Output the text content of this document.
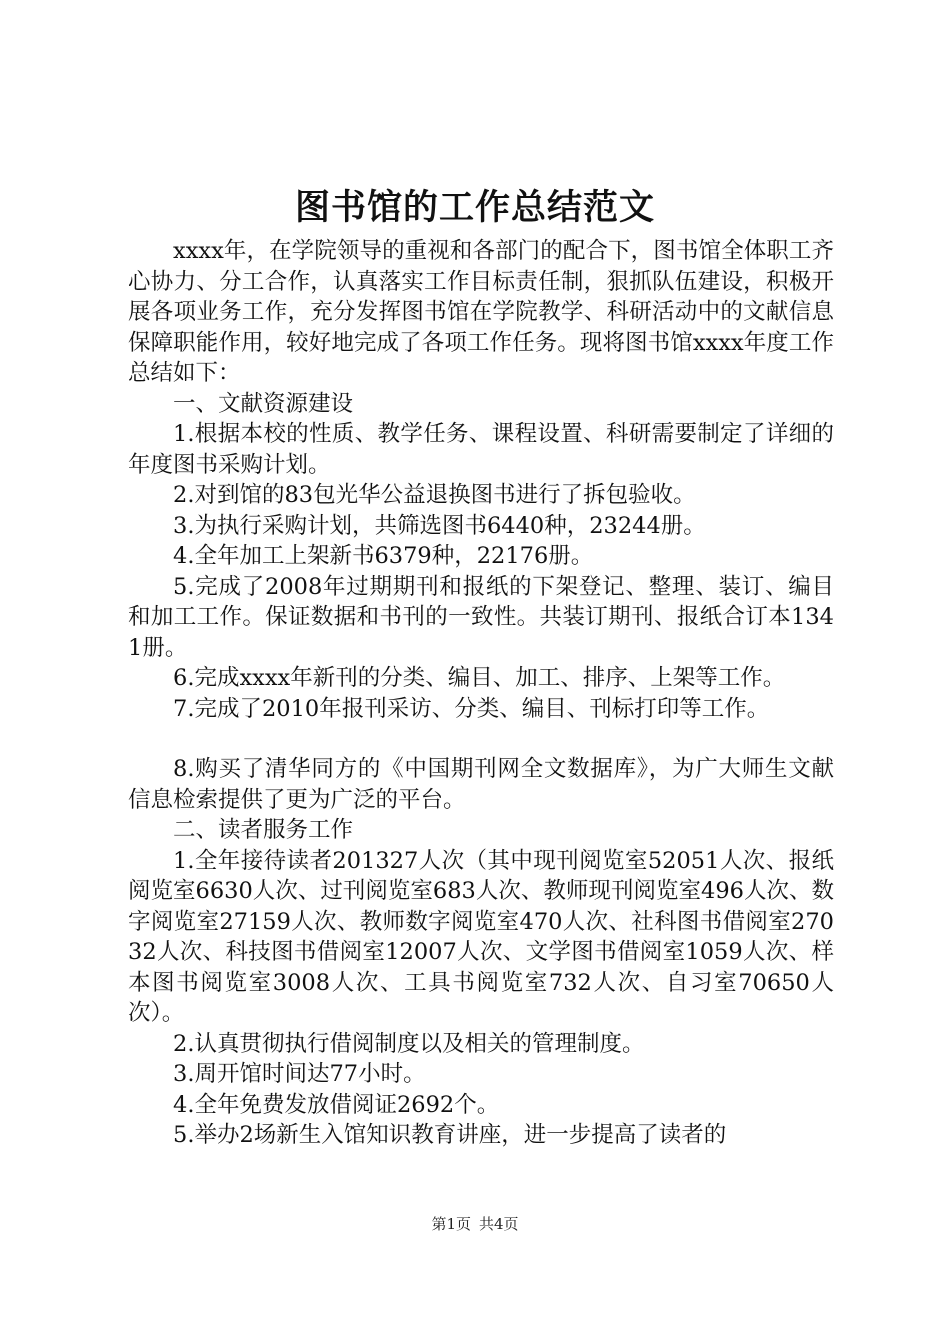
图书馆的工作总结范文

xxxx年，在学院领导的重视和各部门的配合下，图书馆全体职工齐心协力、分工合作，认真落实工作目标责任制，狠抓队伍建设，积极开展各项业务工作，充分发挥图书馆在学院教学、科研活动中的文献信息保障职能作用，较好地完成了各项工作任务。现将图书馆xxxx年度工作总结如下：

一、文献资源建设

1.根据本校的性质、教学任务、课程设置、科研需要制定了详细的年度图书采购计划。

2.对到馆的83包光华公益退换图书进行了拆包验收。

3.为执行采购计划，共筛选图书6440种，23244册。

4.全年加工上架新书6379种，22176册。

5.完成了2008年过期期刊和报纸的下架登记、整理、装订、编目和加工工作。保证数据和书刊的一致性。共装订期刊、报纸合订本1341册。

6.完成xxxx年新刊的分类、编目、加工、排序、上架等工作。

7.完成了2010年报刊采访、分类、编目、刊标打印等工作。

8.购买了清华同方的《中国期刊网全文数据库》，为广大师生文献信息检索提供了更为广泛的平台。

二、读者服务工作

1.全年接待读者201327人次（其中现刊阅览室52051人次、报纸阅览室6630人次、过刊阅览室683人次、教师现刊阅览室496人次、数字阅览室27159人次、教师数字阅览室470人次、社科图书借阅室27032人次、科技图书借阅室12007人次、文学图书借阅室1059人次、样本图书阅览室3008人次、工具书阅览室732人次、自习室70650人次）。

2.认真贯彻执行借阅制度以及相关的管理制度。

3.周开馆时间达77小时。

4.全年免费发放借阅证2692个。

5.举办2场新生入馆知识教育讲座，进一步提高了读者的

第1页 共4页
